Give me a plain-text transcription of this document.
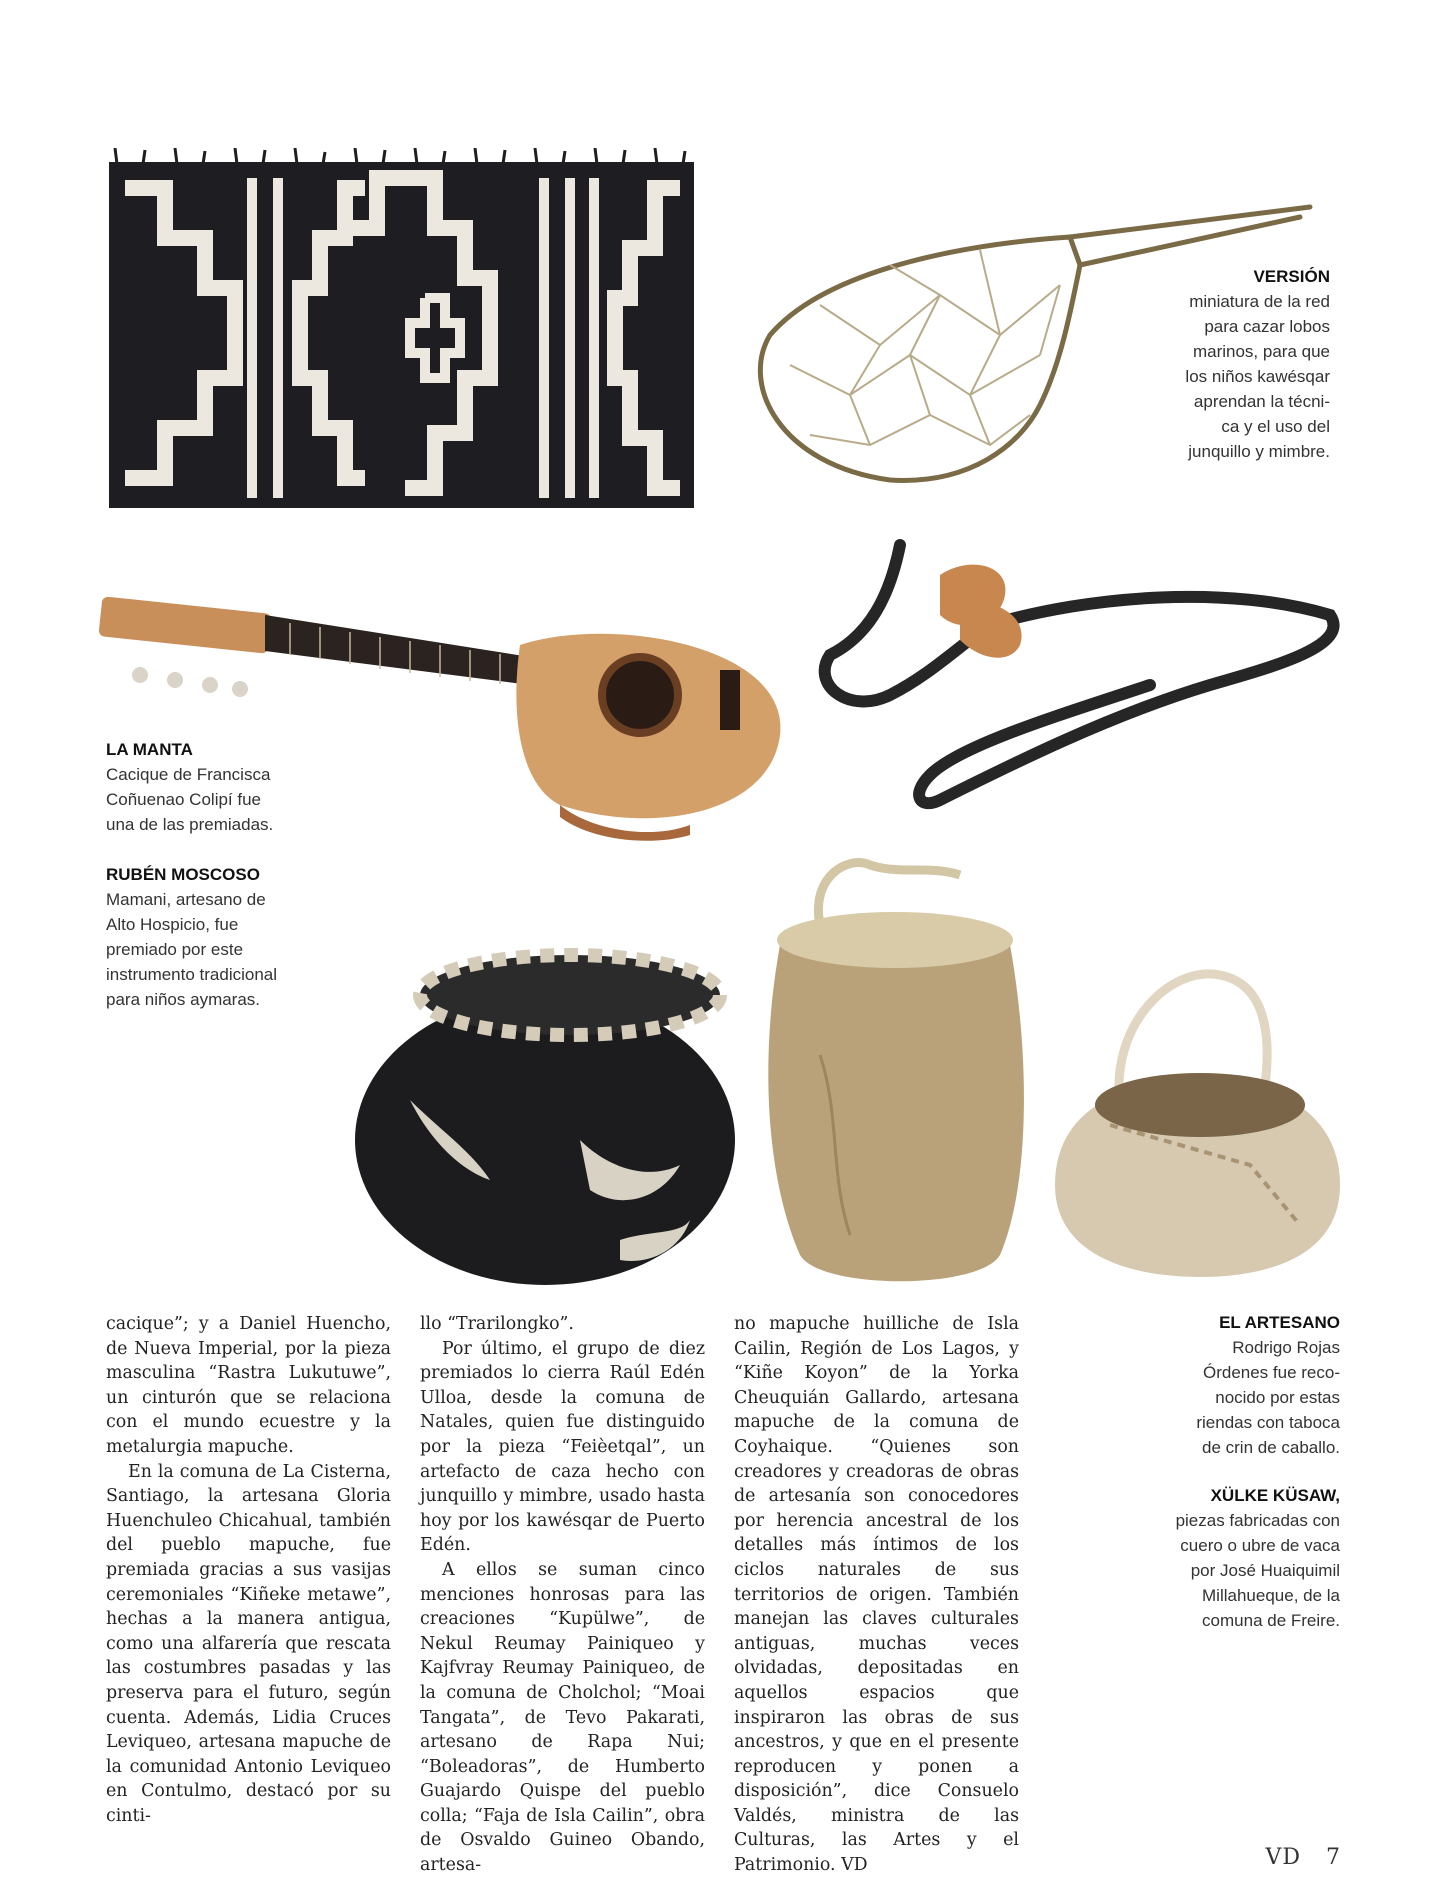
VERSIÓN
miniatura de la red
para cazar lobos
marinos, para que
los niños kawésqar
aprendan la técni-
ca y el uso del
junquillo y mimbre.
LA MANTA
Cacique de Francisca
Coñuenao Colipí fue
una de las premiadas.
RUBÉN MOSCOSO
Mamani, artesano de
Alto Hospicio, fue
premiado por este
instrumento tradicional
para niños aymaras.
EL ARTESANO
Rodrigo Rojas
Órdenes fue reco-
nocido por estas
riendas con taboca
de crin de caballo.
XÜLKE KÜSAW,
piezas fabricadas con
cuero o ubre de vaca
por José Huaiquimil
Millahueque, de la
comuna de Freire.

cacique”; y a Daniel Huencho, de Nueva Imperial, por la pieza masculina “Rastra Lukutuwe”, un cinturón que se relaciona con el mundo ecuestre y la metalurgia mapuche.

En la comuna de La Cisterna, Santiago, la artesana Gloria Huenchuleo Chicahual, también del pueblo mapuche, fue premiada gracias a sus vasijas ceremoniales “Kiñeke metawe”, hechas a la manera antigua, como una alfarería que rescata las costumbres pasadas y las preserva para el futuro, según cuenta. Además, Lidia Cruces Leviqueo, artesana mapuche de la comunidad Antonio Leviqueo en Contulmo, destacó por su cinti-

llo “Trarilongko”.

Por último, el grupo de diez premiados lo cierra Raúl Edén Ulloa, desde la comuna de Natales, quien fue distinguido por la pieza “Feièetqal”, un artefacto de caza hecho con junquillo y mimbre, usado hasta hoy por los kawésqar de Puerto Edén.

A ellos se suman cinco menciones honrosas para las creaciones “Kupülwe”, de Nekul Reumay Painiqueo y Kajfvray Reumay Painiqueo, de la comuna de Cholchol; “Moai Tangata”, de Tevo Pakarati, artesano de Rapa Nui; “Boleadoras”, de Humberto Guajardo Quispe del pueblo colla; “Faja de Isla Cailin”, obra de Osvaldo Guineo Obando, artesa-

no mapuche huilliche de Isla Cailin, Región de Los Lagos, y “Kiñe Koyon” de la Yorka Cheuquián Gallardo, artesana mapuche de la comuna de Coyhaique. “Quienes son creadores y creadoras de obras de artesanía son conocedores por herencia ancestral de los detalles más íntimos de los ciclos naturales de sus territorios de origen. También manejan las claves culturales antiguas, muchas veces olvidadas, depositadas en aquellos espacios que inspiraron las obras de sus ancestros, y que en el presente reproducen y ponen a disposición”, dice Consuelo Valdés, ministra de las Culturas, las Artes y el Patrimonio. VD	VD 7
